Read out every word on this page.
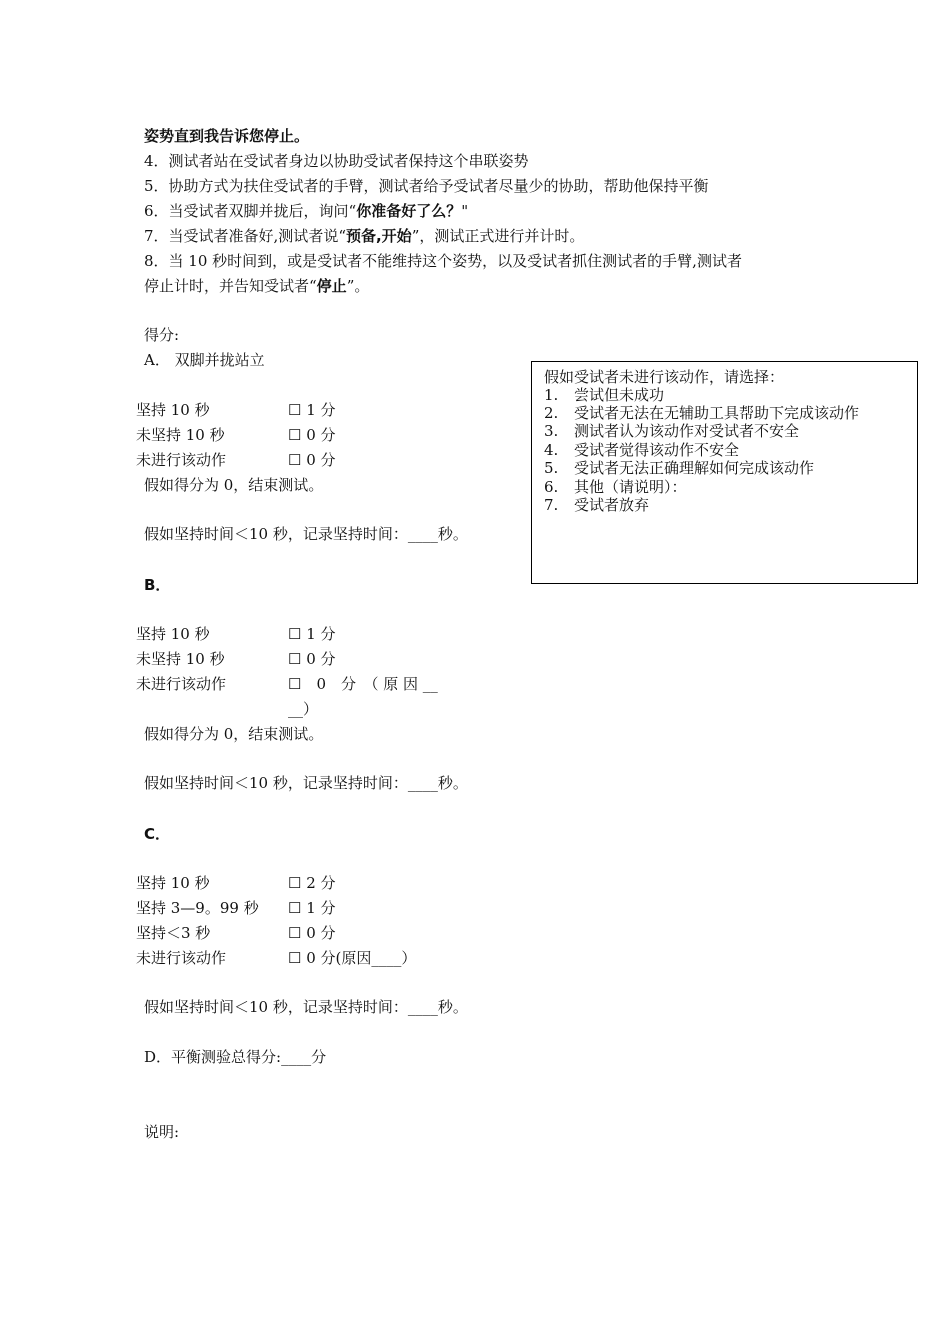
姿势直到我告诉您停止。
4．测试者站在受试者身边以协助受试者保持这个串联姿势
5．协助方式为扶住受试者的手臂，测试者给予受试者尽量少的协助，帮助他保持平衡
6．当受试者双脚并拢后，询问“你准备好了么？"
7．当受试者准备好,测试者说“预备,开始”，测试正式进行并计时。
8．当 10 秒时间到，或是受试者不能维持这个姿势，以及受试者抓住测试者的手臂,测试者
停止计时，并告知受试者“停止”。
得分:
A． 双脚并拢站立
坚持 10 秒	☐ 1 分
未坚持 10 秒	☐ 0 分
未进行该动作	☐ 0 分
假如得分为 0，结束测试。
假如坚持时间＜10 秒，记录坚持时间：____秒。
假如受试者未进行该动作，请选择：
1. 尝试但未成功
2. 受试者无法在无辅助工具帮助下完成该动作
3. 测试者认为该动作对受试者不安全
4. 受试者觉得该动作不安全
5. 受试者无法正确理解如何完成该动作
6. 其他（请说明）：
7. 受试者放弃
B．
坚持 10 秒	☐ 1 分
未坚持 10 秒	☐ 0 分
未进行该动作	☐　0　分　（ 原 因 __
__）
假如得分为 0，结束测试。
假如坚持时间＜10 秒，记录坚持时间：____秒。
C．
坚持 10 秒	☐ 2 分
坚持 3—9。99 秒 ☐ 1 分
坚持＜3 秒	☐ 0 分
未进行该动作	☐ 0 分(原因____）
假如坚持时间＜10 秒，记录坚持时间：____秒。
D．平衡测验总得分:____分
说明:
